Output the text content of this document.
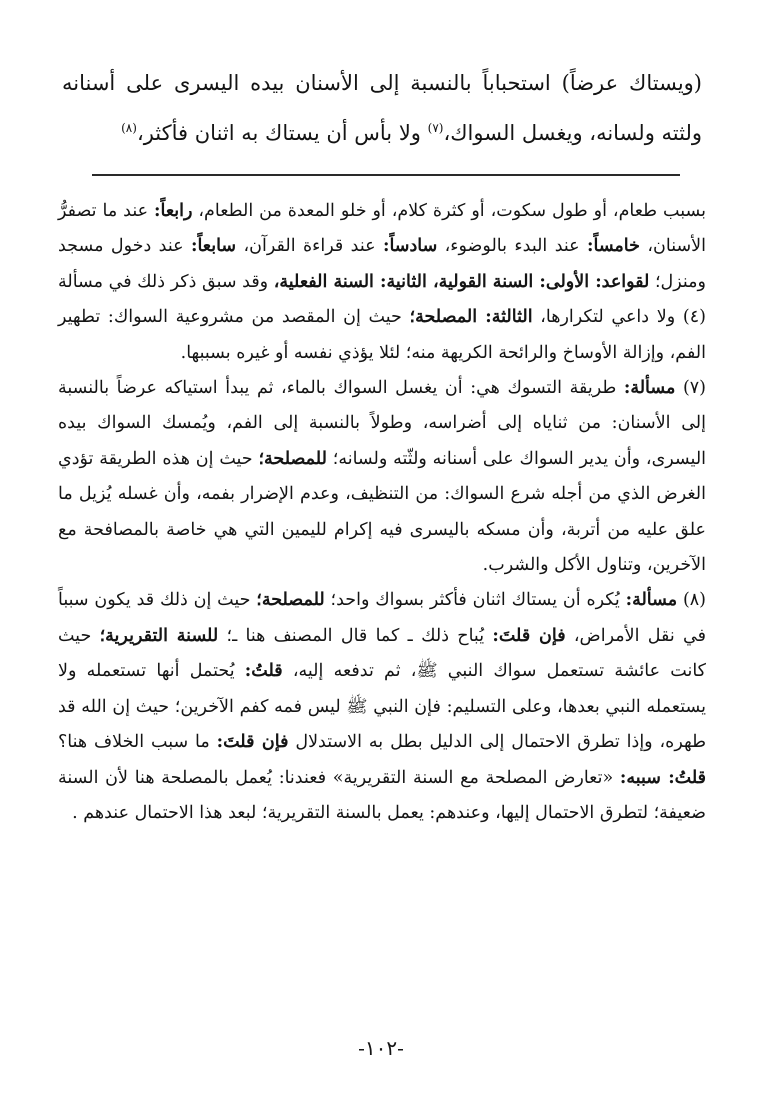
(ويستاك عرضاً) استحباباً بالنسبة إلى الأسنان بيده اليسرى على أسنانه ولثته ولسانه، ويغسل السواك،$^{(٧)}$ ولا بأس أن يستاك به اثنان فأكثر،$^{(٨)}$

بسبب طعام، أو طول سكوت، أو كثرة كلام، أو خلو المعدة من الطعام، رابعاً: عند ما تصفرُّ الأسنان، خامساً: عند البدء بالوضوء، سادساً: عند قراءة القرآن، سابعاً: عند دخول مسجد ومنزل؛ لقواعد: الأولى: السنة القولية، الثانية: السنة الفعلية، وقد سبق ذكر ذلك في مسألة (٤) ولا داعي لتكرارها، الثالثة: المصلحة؛ حيث إن المقصد من مشروعية السواك: تطهير الفم، وإزالة الأوساخ والرائحة الكريهة منه؛ لئلا يؤذي نفسه أو غيره بسببها.

(٧) مسألة: طريقة التسوك هي: أن يغسل السواك بالماء، ثم يبدأ استياكه عرضاً بالنسبة إلى الأسنان: من ثناياه إلى أضراسه، وطولاً بالنسبة إلى الفم، ويُمسك السواك بيده اليسرى، وأن يدير السواك على أسنانه ولثّته ولسانه؛ للمصلحة؛ حيث إن هذه الطريقة تؤدي الغرض الذي من أجله شرع السواك: من التنظيف، وعدم الإضرار بفمه، وأن غسله يُزيل ما علق عليه من أتربة، وأن مسكه باليسرى فيه إكرام لليمين التي هي خاصة بالمصافحة مع الآخرين، وتناول الأكل والشرب.

(٨) مسألة: يُكره أن يستاك اثنان فأكثر بسواك واحد؛ للمصلحة؛ حيث إن ذلك قد يكون سبباً في نقل الأمراض، فإن قلتَ: يُباح ذلك ـ كما قال المصنف هنا ـ؛ للسنة التقريرية؛ حيث كانت عائشة تستعمل سواك النبي ﷺ، ثم تدفعه إليه، قلتُ: يُحتمل أنها تستعمله ولا يستعمله النبي بعدها، وعلى التسليم: فإن النبي ﷺ ليس فمه كفم الآخرين؛ حيث إن الله قد طهره، وإذا تطرق الاحتمال إلى الدليل بطل به الاستدلال فإن قلتَ: ما سبب الخلاف هنا؟ قلتُ: سببه: «تعارض المصلحة مع السنة التقريرية» فعندنا: يُعمل بالمصلحة هنا لأن السنة ضعيفة؛ لتطرق الاحتمال إليها، وعندهم: يعمل بالسنة التقريرية؛ لبعد هذا الاحتمال عندهم .

-١٠٢-
